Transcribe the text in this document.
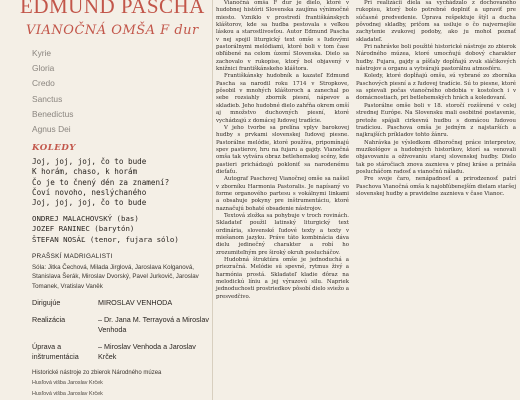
EDMUND PASCHA
VIANOČNÁ OMŠA F dur
Kyrie
Gloria
Credo
Sanctus
Benedictus
Agnus Dei
KOLEDY
Joj, joj, joj, čo to bude
K horám, chaso, k horám
Čo je to čnený dén za znamení?
Čoví novoho, neslýchaného
Joj, joj, joj, čo to bude
ONDREJ MALACHOVSKÝ (bas)
JOZEF RANINEC (barytón)
ŠTEFAN NOSÁĽ (tenor, fujara sólo)
PRAŠSKÍ MADRIGALISTI
Sóla: Jitka Čechová, Milada Jirglová, Jaroslava Kolganová, Stanislava Šerák, Miroslav Dvorský, Pavel Jurkovič, Jaroslav Tomanek, Vratislav Vaněk
Dirigujúe	MIROSLAV VENHODA
Realizácia	– Dr. Jana M. Terrayová a Miroslav Venhoda
Úprava a inštrumentácia
– Miroslav Venhoda a Jaroslav Krček
Historické nástroje zo zbierok Národného múzea
Husľová višba Jaroslav Krček
Husľová višba Jaroslav Krček

Vianočná omša F dur je dielo, ktoré v hudobnej histórii Slovenska zaujíma výnimočné miesto. Vzniklo v prostredí františkánskych kláštorov, kde sa hudba pestovala s veľkou láskou a starostlivosťou. Autor Edmund Pascha v nej spojil liturgický text omše s ľudovými pastorálnymi melódiami, ktoré boli v tom čase obľúbené na celom území Slovenska. Dielo sa zachovalo v rukopise, ktorý bol objavený v knižnici františkánskeho kláštora.

Františkánsky hudobník a kazateľ Edmund Pascha sa narodil roku 1714 v Stropkove, pôsobil v mnohých kláštoroch a zanechal po sebe rozsiahly zborník piesní, nápevov a skladieb. Jeho hudobné dielo zahŕňa okrem omší aj množstvo duchovných piesní, ktoré vychádzajú z domácej ľudovej tradície.

V jeho tvorbe sa prelína vplyv barokovej hudby s prvkami slovenskej ľudovej piesne. Pastorálne melódie, ktoré používa, pripomínajú spev pastierov, hru na fujaru a gajdy. Vianočná omša tak vytvára obraz betlehemskej scény, kde pastieri prichádzajú pokloniť sa narodenému dieťaťu.

Autograf Paschovej Vianočnej omše sa našiel v zborníku Harmonia Pastoralis. Je napísaný vo forme organového partesu s vokálnymi linkami a obsahuje pokyny pre inštrumentáciu, ktoré naznačujú bohaté obsadenie nástrojov.

Textová zložka sa pohybuje v troch rovinách. Skladateľ použil latinský liturgický text ordinária, slovenské ľudové texty a texty v miešanom jazyku. Práve táto kombinácia dáva dielu jedinečný charakter a robí ho zrozumiteľným pre široký okruh poslucháčov.

Hudobná štruktúra omše je jednoduchá a priezračná. Melódie sú spevné, rytmus živý a harmónia prostá. Skladateľ kladie dôraz na melodickú líniu a jej výrazovú silu. Napriek jednoduchosti prostriedkov pôsobí dielo sviežo a presvedčivo.

Pri realizácii diela sa vychádzalo z dochovaného rukopisu, ktorý bolo potrebné doplniť a upraviť pre súčasné predvedenie. Úprava rešpektuje štýl a ducha pôvodnej skladby, pričom sa usiluje o čo najvernejšie zachytenie zvukovej podoby, ako ju mohol poznať skladateľ.

Pri nahrávke boli použité historické nástroje zo zbierok Národného múzea, ktoré umocňujú dobový charakter hudby. Fujara, gajdy a píšťaly dopĺňajú zvuk sláčikových nástrojov a organu a vytvárajú pastorálnu atmosféru.

Koledy, ktoré dopĺňajú omšu, sú vybrané zo zborníka Paschových piesní a z ľudovej tradície. Sú to piesne, ktoré sa spievali počas vianočného obdobia v kostoloch i v domácnostiach, pri betlehemských hrách a koledovaní.

Pastorálne omše boli v 18. storočí rozšírené v celej strednej Európe. Na Slovensku mali osobitné postavenie, pretože spájali cirkevnú hudbu s domácou ľudovou tradíciou. Paschova omša je jedným z najstarších a najkrajších príkladov tohto žánru.

Nahrávka je výsledkom dlhoročnej práce interpretov, muzikológov a hudobných historikov, ktorí sa venovali objavovaniu a oživovaniu starej slovenskej hudby. Dielo tak po stáročiach znova zaznieva v plnej kráse a prináša poslucháčom radosť a vianočnú náladu.

Pre svoje čaro, nenápadnosť a prirodzenosť patrí Paschova Vianočná omša k najobľúbenejším dielam staršej slovenskej hudby a pravidelne zaznieva v čase Vianoc.
